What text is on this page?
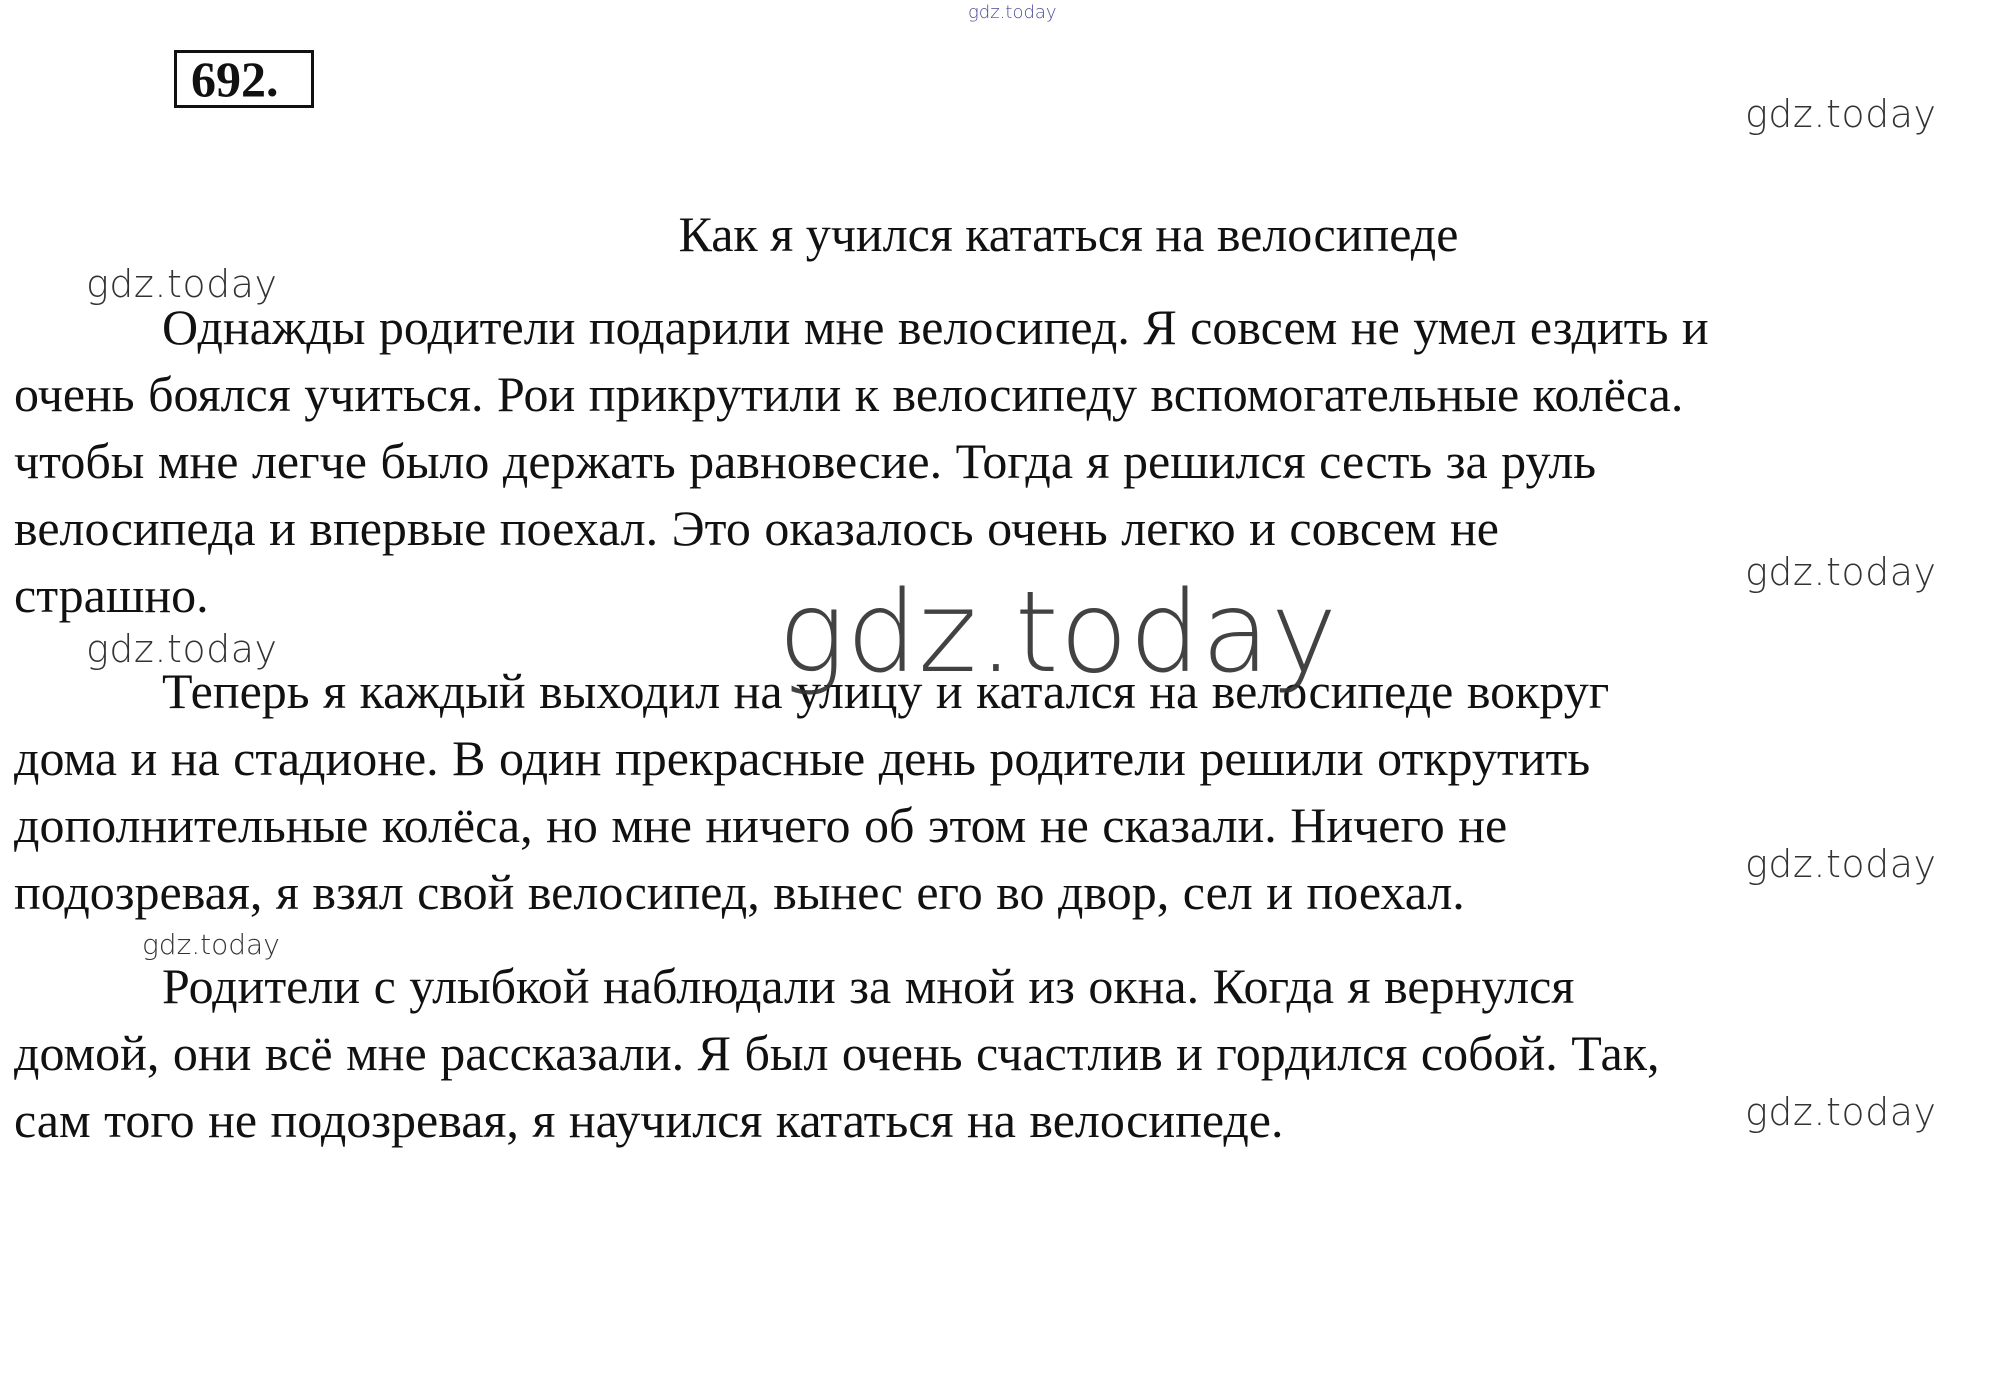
692.
Как я учился кататься на велосипеде
Однажды родители подарили мне велосипед. Я совсем не умел ездить и
очень боялся учиться. Рои прикрутили к велосипеду вспомогательные колёса.
чтобы мне легче было держать равновесие. Тогда я решился сесть за руль
велосипеда и впервые поехал. Это оказалось очень легко и совсем не
страшно.
Теперь я каждый выходил на улицу и катался на велосипеде вокруг
дома и на стадионе. В один прекрасные день родители решили открутить
дополнительные колёса, но мне ничего об этом не сказали. Ничего не
подозревая, я взял свой велосипед, вынес его во двор, сел и поехал.
Родители с улыбкой наблюдали за мной из окна. Когда я вернулся
домой, они всё мне рассказали. Я был очень счастлив и гордился собой. Так,
сам того не подозревая, я научился кататься на велосипеде.
gdz.today
gdz.today
gdz.today
gdz.today
gdz.today
gdz.today
gdz.today
gdz.today
gdz.today
